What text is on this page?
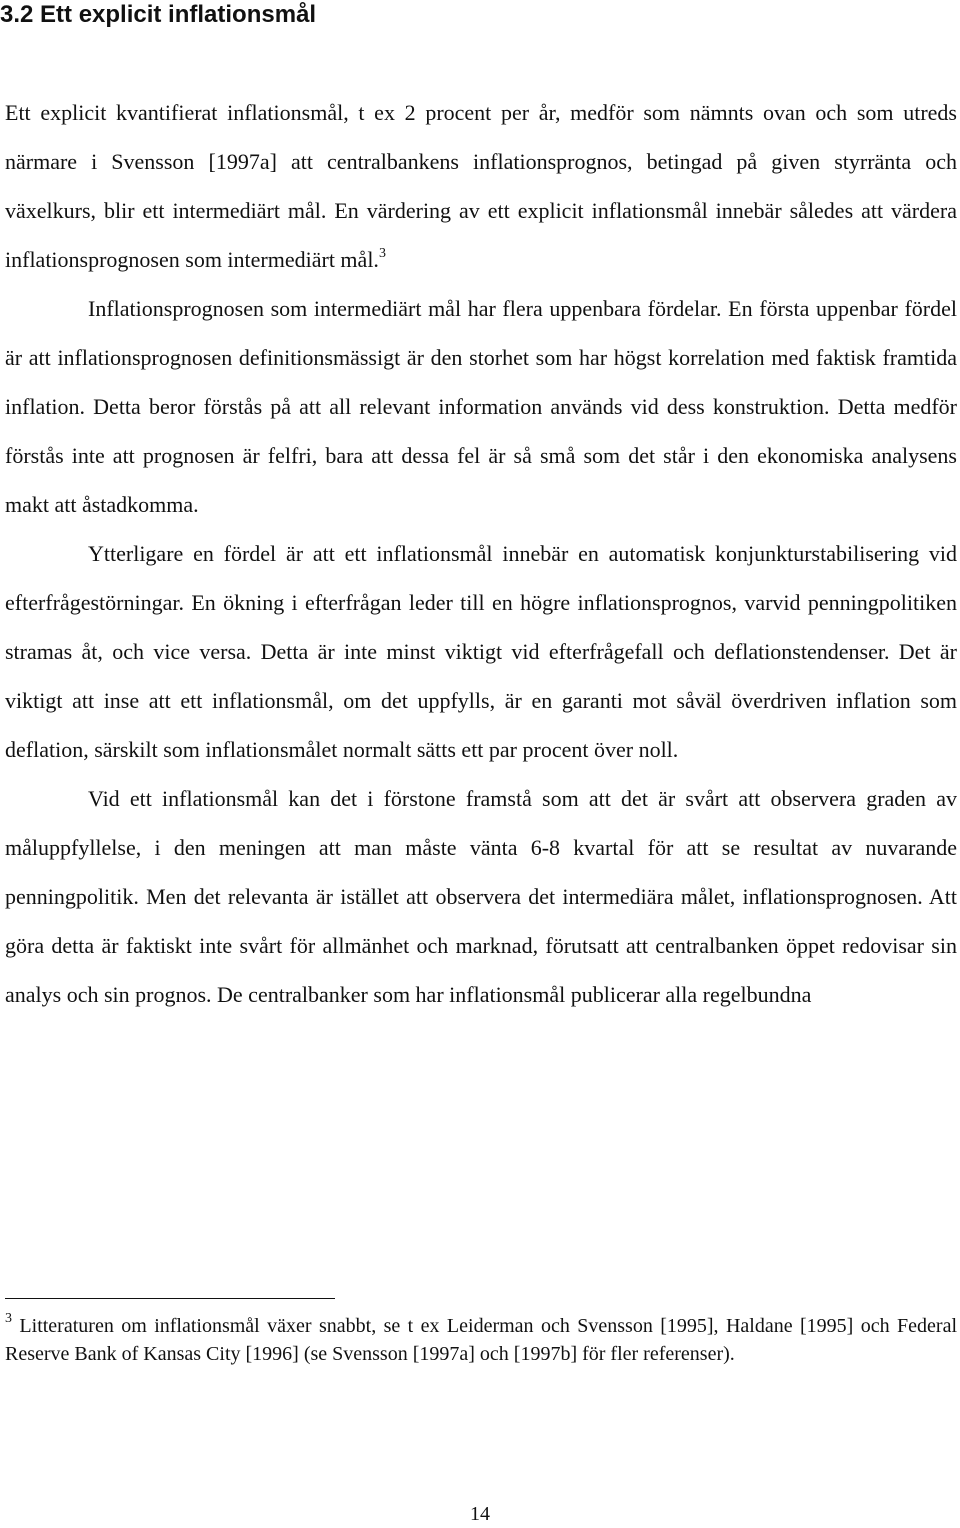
3.2 Ett explicit inflationsmål

Ett explicit kvantifierat inflationsmål, t ex 2 procent per år, medför som nämnts ovan och som utreds närmare i Svensson [1997a] att centralbankens inflationsprognos, betingad på given styrränta och växelkurs, blir ett intermediärt mål. En värdering av ett explicit inflationsmål innebär således att värdera inflationsprognosen som intermediärt mål.$^3$

Inflationsprognosen som intermediärt mål har flera uppenbara fördelar. En första uppenbar fördel är att inflationsprognosen definitionsmässigt är den storhet som har högst korrelation med faktisk framtida inflation. Detta beror förstås på att all relevant information används vid dess konstruktion. Detta medför förstås inte att prognosen är felfri, bara att dessa fel är så små som det står i den ekonomiska analysens makt att åstadkomma.

Ytterligare en fördel är att ett inflationsmål innebär en automatisk konjunkturstabilisering vid efterfrågestörningar. En ökning i efterfrågan leder till en högre inflationsprognos, varvid penningpolitiken stramas åt, och vice versa. Detta är inte minst viktigt vid efterfrågefall och deflationstendenser. Det är viktigt att inse att ett inflationsmål, om det uppfylls, är en garanti mot såväl överdriven inflation som deflation, särskilt som inflationsmålet normalt sätts ett par procent över noll.

Vid ett inflationsmål kan det i förstone framstå som att det är svårt att observera graden av måluppfyllelse, i den meningen att man måste vänta 6-8 kvartal för att se resultat av nuvarande penningpolitik. Men det relevanta är istället att observera det intermediära målet, inflationsprognosen. Att göra detta är faktiskt inte svårt för allmänhet och marknad, förutsatt att centralbanken öppet redovisar sin analys och sin prognos. De centralbanker som har inflationsmål publicerar alla regelbundna

$^3$ Litteraturen om inflationsmål växer snabbt, se t ex Leiderman och Svensson [1995], Haldane [1995] och Federal Reserve Bank of Kansas City [1996] (se Svensson [1997a] och [1997b] för fler referenser).

14
